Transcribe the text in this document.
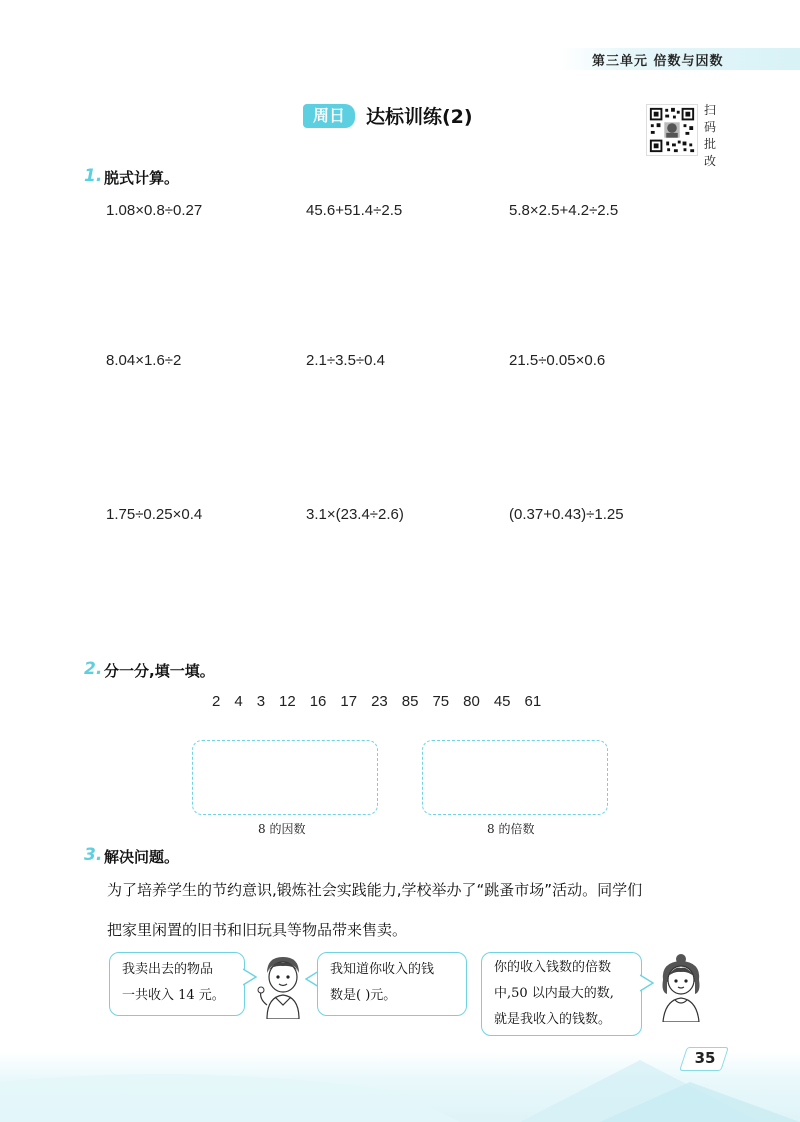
第三单元 倍数与因数
周日	达标训练(2)	扫
码
批
改
1. 脱式计算。
1.08×0.8÷0.27	45.6+51.4÷2.5	5.8×2.5+4.2÷2.5
8.04×1.6÷2	2.1÷3.5÷0.4	21.5÷0.05×0.6
1.75÷0.25×0.4	3.1×(23.4÷2.6)	(0.37+0.43)÷1.25
2. 分一分,填一填。
2 4 3 12 16 17 23 85 75 80 45 61
8 的因数	8 的倍数
3. 解决问题。
为了培养学生的节约意识,锻炼社会实践能力,学校举办了“跳蚤市场”活动。同学们
把家里闲置的旧书和旧玩具等物品带来售卖。
我卖出去的物品
一共收入 14 元。
我知道你收入的钱
数是( )元。
你的收入钱数的倍数
中,50 以内最大的数,
就是我收入的钱数。
35
